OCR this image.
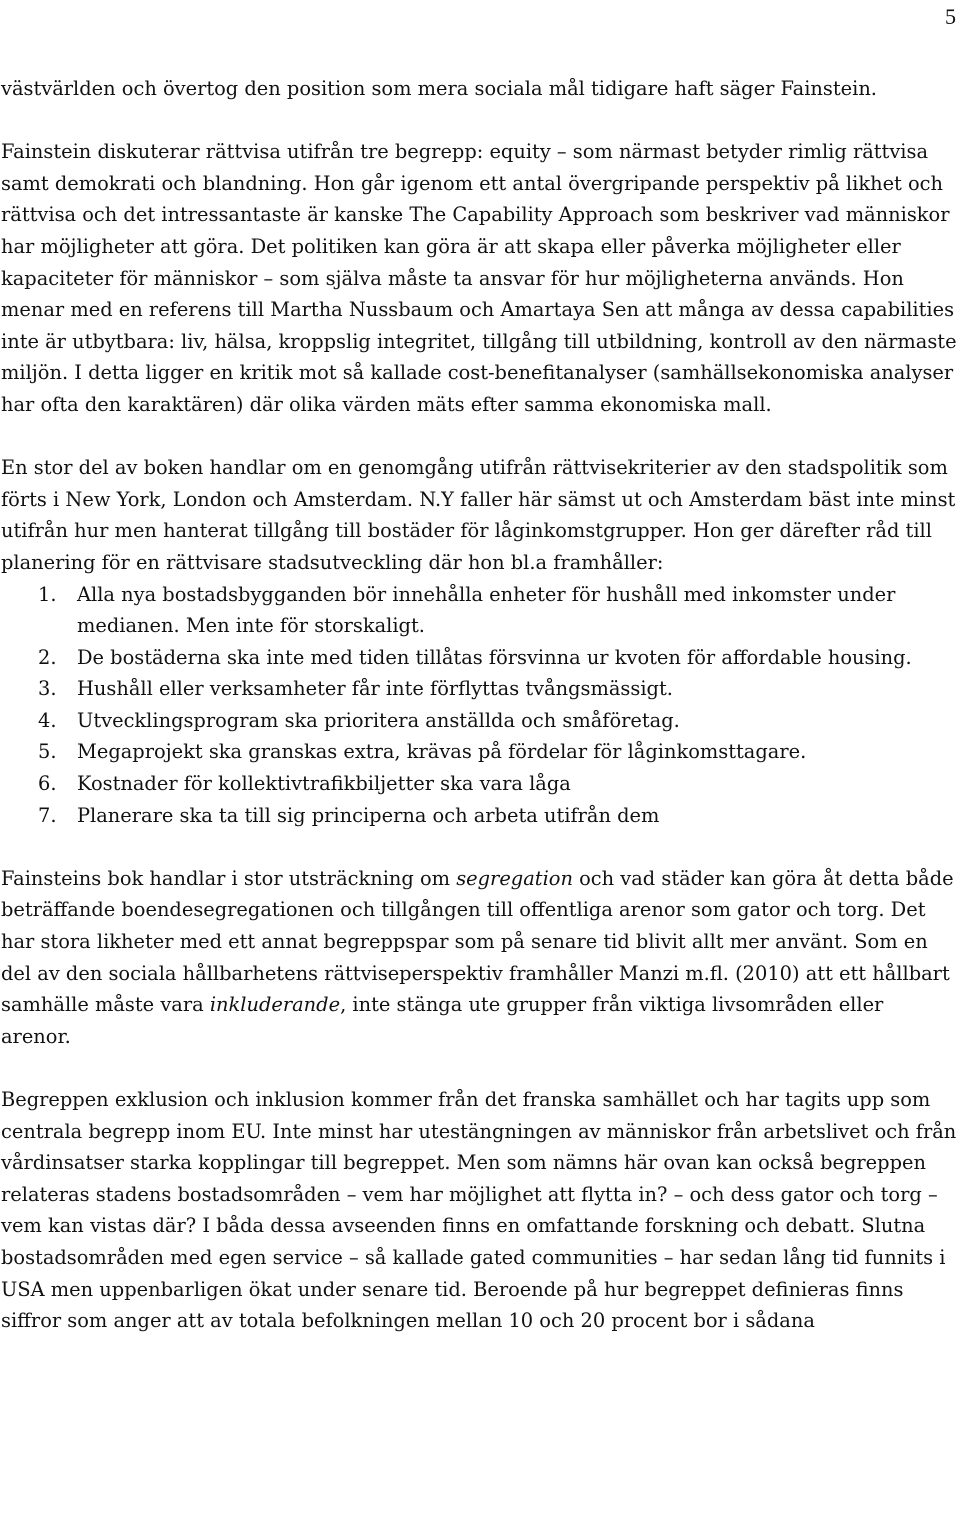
5

västvärlden och övertog den position som mera sociala mål tidigare haft säger Fainstein.

Fainstein diskuterar rättvisa utifrån tre begrepp: equity – som närmast betyder rimlig rättvisa samt demokrati och blandning. Hon går igenom ett antal övergripande perspektiv på likhet och rättvisa och det intressantaste är kanske The Capability Approach som beskriver vad människor har möjligheter att göra. Det politiken kan göra är att skapa eller påverka möjligheter eller kapaciteter för människor – som själva måste ta ansvar för hur möjligheterna används. Hon menar med en referens till Martha Nussbaum och Amartaya Sen att många av dessa capabilities inte är utbytbara: liv, hälsa, kroppslig integritet, tillgång till utbildning, kontroll av den närmaste miljön. I detta ligger en kritik mot så kallade cost-benefitanalyser (samhällsekonomiska analyser har ofta den karaktären) där olika värden mäts efter samma ekonomiska mall.

En stor del av boken handlar om en genomgång utifrån rättvisekriterier av den stadspolitik som förts i New York, London och Amsterdam. N.Y faller här sämst ut och Amsterdam bäst inte minst utifrån hur men hanterat tillgång till bostäder för låginkomstgrupper. Hon ger därefter råd till planering för en rättvisare stadsutveckling där hon bl.a framhåller:

1. Alla nya bostadsbygganden bör innehålla enheter för hushåll med inkomster under medianen. Men inte för storskaligt.
2. De bostäderna ska inte med tiden tillåtas försvinna ur kvoten för affordable housing.
3. Hushåll eller verksamheter får inte förflyttas tvångsmässigt.
4. Utvecklingsprogram ska prioritera anställda och småföretag.
5. Megaprojekt ska granskas extra, krävas på fördelar för låginkomsttagare.
6. Kostnader för kollektivtrafikbiljetter ska vara låga
7. Planerare ska ta till sig principerna och arbeta utifrån dem

Fainsteins bok handlar i stor utsträckning om segregation och vad städer kan göra åt detta både beträffande boendesegregationen och tillgången till offentliga arenor som gator och torg. Det har stora likheter med ett annat begreppspar som på senare tid blivit allt mer använt. Som en del av den sociala hållbarhetens rättviseperspektiv framhåller Manzi m.fl. (2010) att ett hållbart samhälle måste vara inkluderande, inte stänga ute grupper från viktiga livsområden eller arenor.

Begreppen exklusion och inklusion kommer från det franska samhället och har tagits upp som centrala begrepp inom EU. Inte minst har utestängningen av människor från arbetslivet och från vårdinsatser starka kopplingar till begreppet. Men som nämns här ovan kan också begreppen relateras stadens bostadsområden – vem har möjlighet att flytta in? – och dess gator och torg – vem kan vistas där? I båda dessa avseenden finns en omfattande forskning och debatt. Slutna bostadsområden med egen service – så kallade gated communities – har sedan lång tid funnits i USA men uppenbarligen ökat under senare tid. Beroende på hur begreppet definieras finns siffror som anger att av totala befolkningen mellan 10 och 20 procent bor i sådana
